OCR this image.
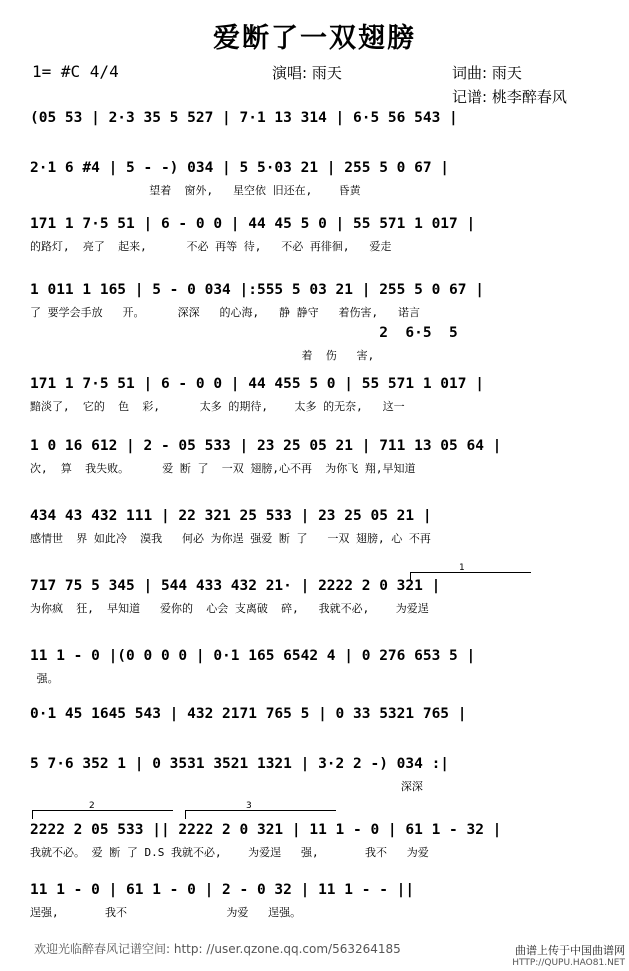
爱断了一双翅膀
1= #C 4/4	演唱: 雨天	词曲: 雨天
记谱: 桃李醉春风
(05 53 | 2·3 35 5 527 | 7·1 13 314 | 6·5 56 543 |
2·1 6 #4 | 5 - -) 034 | 5 5·03 21 | 255 5 0 67 |
望着  窗外,   星空依 旧还在,    昏黄
171 1 7·5 51 | 6 - 0 0 | 44 45 5 0 | 55 571 1 017 |
的路灯,  亮了  起来,      不必 再等 待,   不必 再徘徊,   爱走
1 011 1 165 | 5 - 0 034 |:555 5 03 21 | 255 5 0 67 |
了 要学会手放   开。     深深   的心海,   静 静守   着伤害,   诺言
2  6·5  5
着  伤   害,
171 1 7·5 51 | 6 - 0 0 | 44 455 5 0 | 55 571 1 017 |
黯淡了,  它的  色  彩,      太多 的期待,    太多 的无奈,   这一
1 0 16 612 | 2 - 05 533 | 23 25 05 21 | 711 13 05 64 |
次,  算  我失败。     爱 断 了  一双 翅膀,心不再  为你飞 翔,早知道
434 43 432 111 | 22 321 25 533 | 23 25 05 21 |
感情世  界 如此冷  漠我   何必 为你逞 强爱 断 了   一双 翅膀, 心 不再
717 75 5 345 | 544 433 432 21· | 2222 2 0 321 |
为你疯  狂,  早知道   爱你的  心会 支离破  碎,   我就不必,    为爱逞
11 1 - 0 |(0 0 0 0 | 0·1 165 6542 4 | 0 276 653 5 |
强。
0·1 45 1645 543 | 432 2171 765 5 | 0 33 5321 765 |
5 7·6 352 1 | 0 3531 3521 1321 | 3·2 2 -) 034 :|
深深
2222 2 05 533 || 2222 2 0 321 | 11 1 - 0 | 61 1 - 32 |
我就不必。 爱 断 了 D.S 我就不必,    为爱逞   强,       我不   为爱
11 1 - 0 | 61 1 - 0 | 2 - 0 32 | 11 1 - - ||
逞强,       我不               为爱   逞强。
1
2	3
欢迎光临醉春风记谱空间: http: //user.qzone.qq.com/563264185	曲谱上传于中国曲谱网
HTTP://QUPU.HAO81.NET
